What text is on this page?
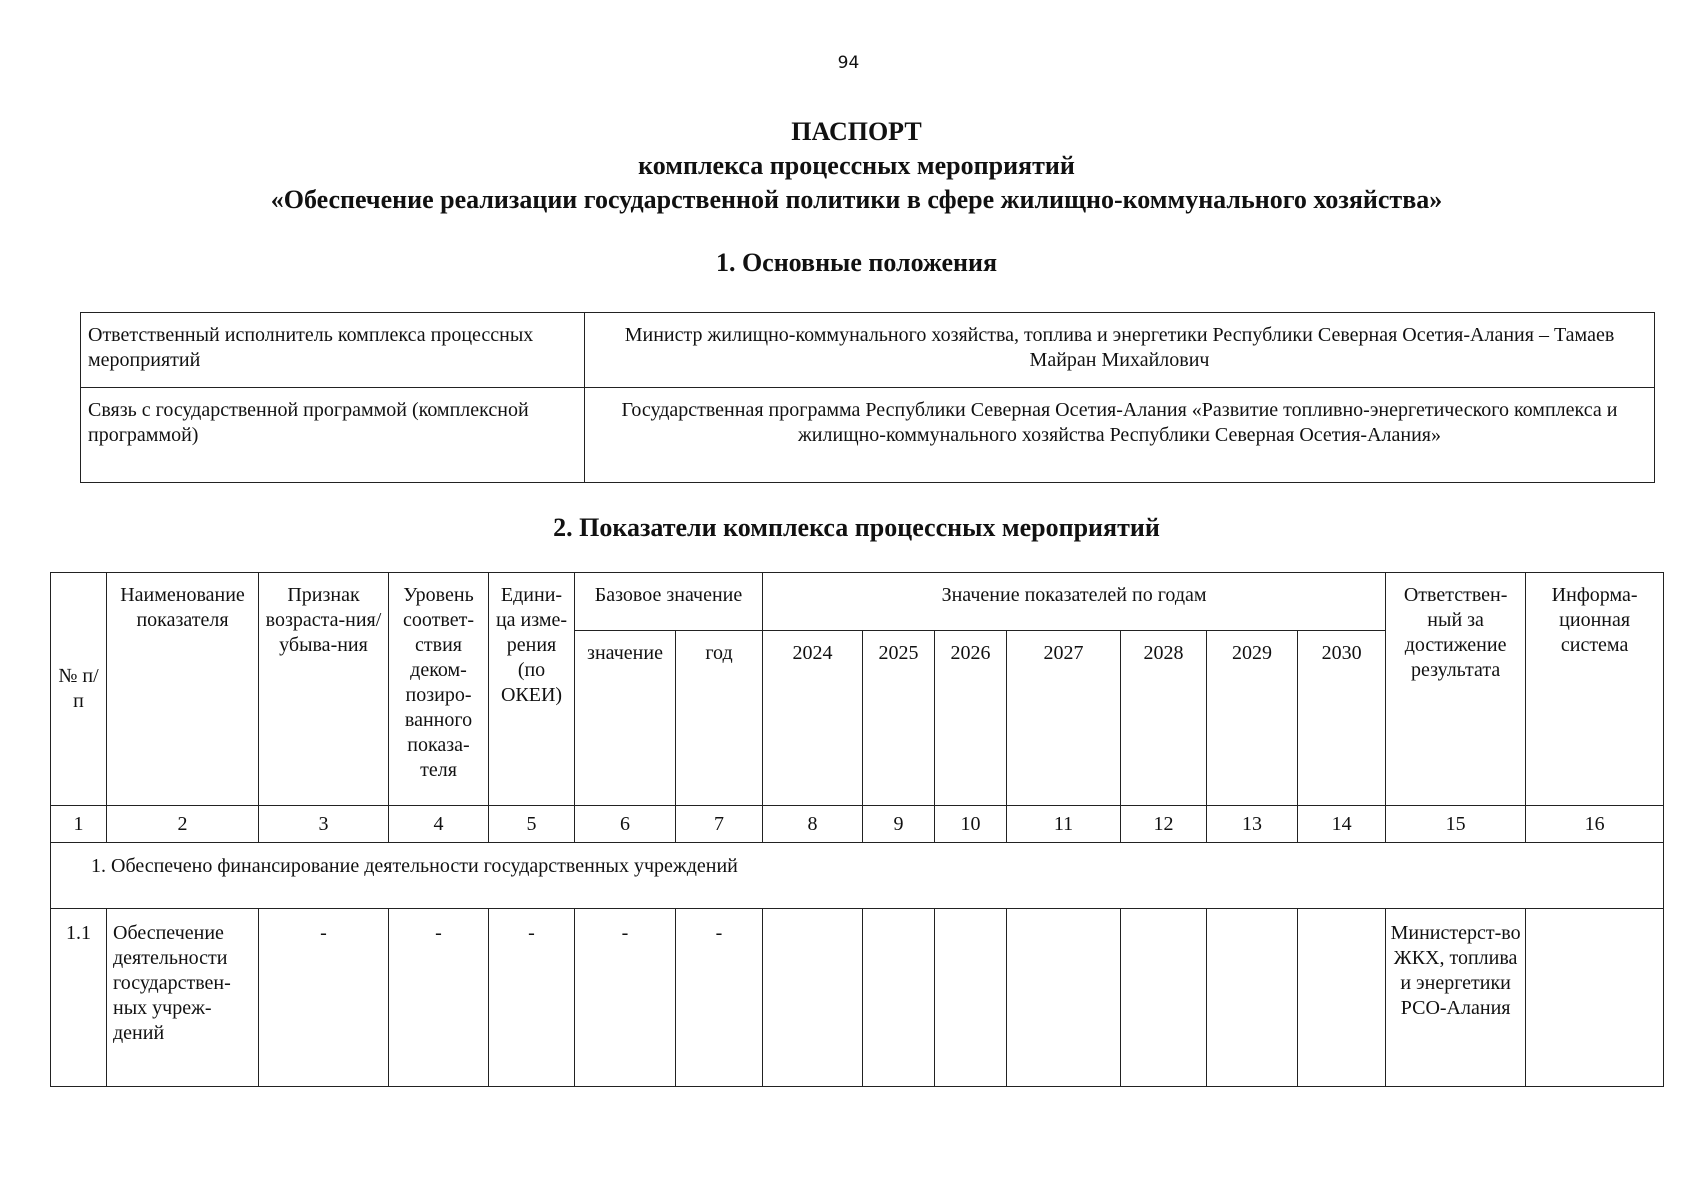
94
ПАСПОРТ
комплекса процессных мероприятий
«Обеспечение реализации государственной политики в сфере жилищно-коммунального хозяйства»
1. Основные положения
Ответственный исполнитель комплекса процессных мероприятий	Министр жилищно-коммунального хозяйства, топлива и энергетики Республики Северная Осетия-Алания – Тамаев Майран Михайлович
Связь с государственной программой (комплексной программой)	Государственная программа Республики Северная Осетия-Алания «Развитие топливно-энергетического комплекса и жилищно-коммунального хозяйства Республики Северная Осетия-Алания»
2. Показатели комплекса процессных мероприятий
№ п/п	Наименование показателя	Признак возраста-ния/убыва-ния	Уровень соответ-ствия деком-позиро-ванного показа-теля	Едини-ца изме-рения (по ОКЕИ)	Базовое значение		Значение показателей по годам							Ответствен-ный за достижение результата	Информа-ционная система
					значение	год	2024	2025	2026	2027	2028	2029	2030		
1	2	3	4	5	6	7	8	9	10	11	12	13	14	15	16
1. Обеспечено финансирование деятельности государственных учреждений															
1.1	Обеспечение деятельности государствен-ных учреж-дений	-	-	-	-	-								Министерст-во ЖКХ, топлива и энергетики РСО-Алания	
